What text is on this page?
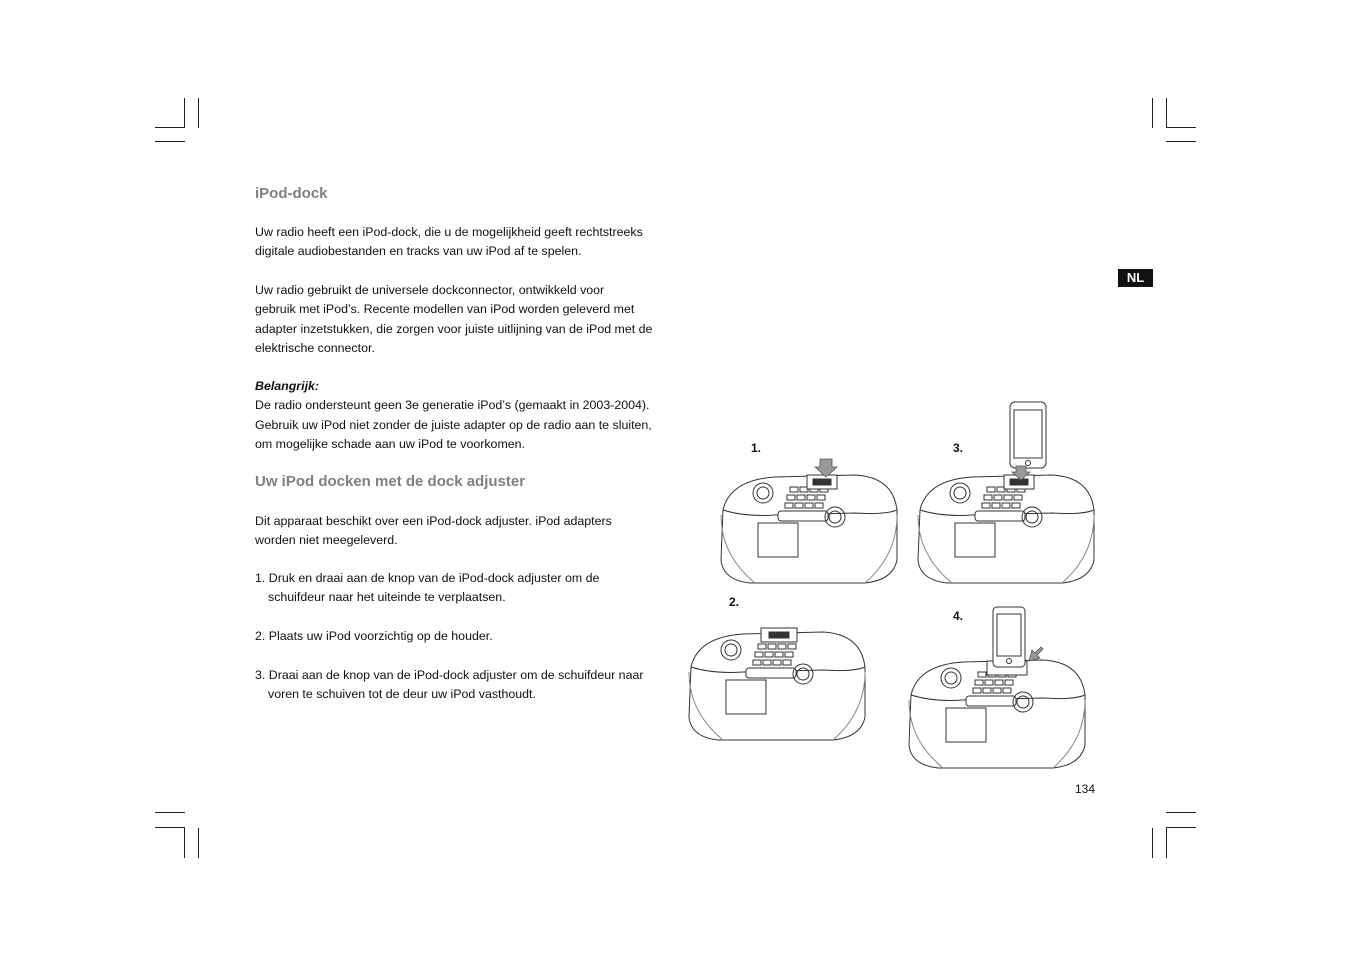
NL
iPod-dock

Uw radio heeft een iPod-dock, die u de mogelijkheid geeft rechtstreeks
digitale audiobestanden en tracks van uw iPod af te spelen.

Uw radio gebruikt de universele dockconnector, ontwikkeld voor
gebruik met iPod’s. Recente modellen van iPod worden geleverd met
adapter inzetstukken, die zorgen voor juiste uitlijning van de iPod met de
elektrische connector.

Belangrijk:
De radio ondersteunt geen 3e generatie iPod’s (gemaakt in 2003-2004).
Gebruik uw iPod niet zonder de juiste adapter op de radio aan te sluiten,
om mogelijke schade aan uw iPod te voorkomen.

Uw iPod docken met de dock adjuster

Dit apparaat beschikt over een iPod-dock adjuster. iPod adapters
worden niet meegeleverd.

1. Druk en draai aan de knop van de iPod-dock adjuster om de
schuifdeur naar het uiteinde te verplaatsen.

2. Plaats uw iPod voorzichtig op de houder.

3. Draai aan de knop van de iPod-dock adjuster om de schuifdeur naar
voren te schuiven tot de deur uw iPod vasthoudt.

1.
2.
3.
4.
134
